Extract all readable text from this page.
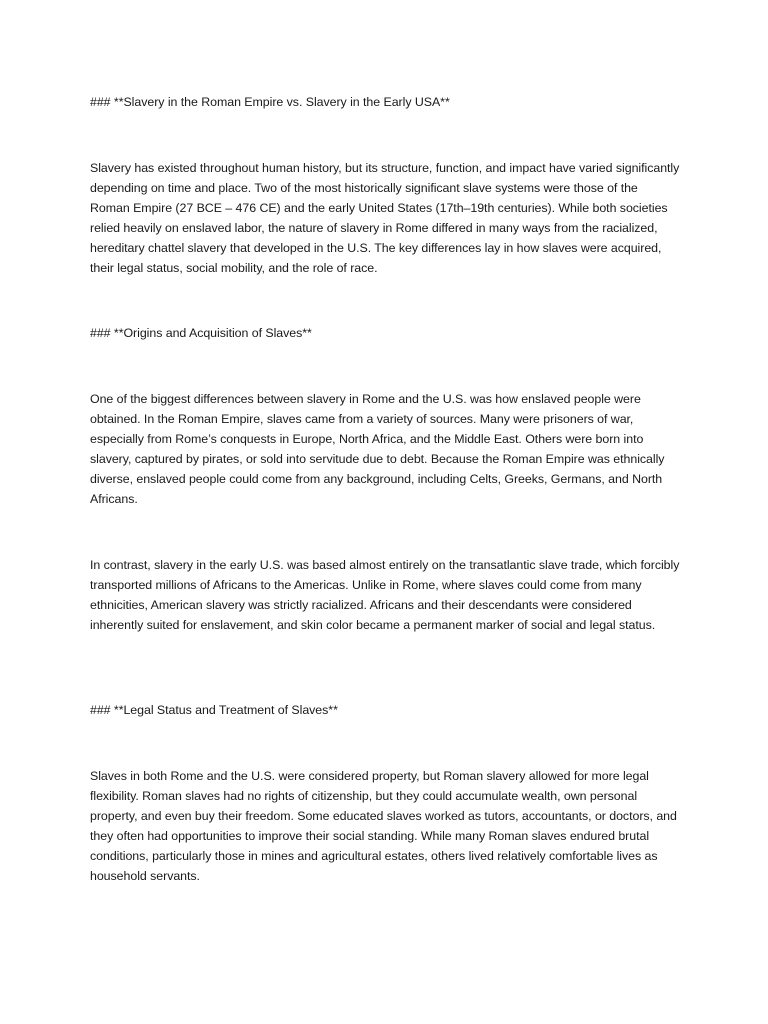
### **Slavery in the Roman Empire vs. Slavery in the Early USA**

Slavery has existed throughout human history, but its structure, function, and impact have varied significantly depending on time and place. Two of the most historically significant slave systems were those of the Roman Empire (27 BCE – 476 CE) and the early United States (17th–19th centuries). While both societies relied heavily on enslaved labor, the nature of slavery in Rome differed in many ways from the racialized, hereditary chattel slavery that developed in the U.S. The key differences lay in how slaves were acquired, their legal status, social mobility, and the role of race.

### **Origins and Acquisition of Slaves**

One of the biggest differences between slavery in Rome and the U.S. was how enslaved people were obtained. In the Roman Empire, slaves came from a variety of sources. Many were prisoners of war, especially from Rome’s conquests in Europe, North Africa, and the Middle East. Others were born into slavery, captured by pirates, or sold into servitude due to debt. Because the Roman Empire was ethnically diverse, enslaved people could come from any background, including Celts, Greeks, Germans, and North Africans.

In contrast, slavery in the early U.S. was based almost entirely on the transatlantic slave trade, which forcibly transported millions of Africans to the Americas. Unlike in Rome, where slaves could come from many ethnicities, American slavery was strictly racialized. Africans and their descendants were considered inherently suited for enslavement, and skin color became a permanent marker of social and legal status.

### **Legal Status and Treatment of Slaves**

Slaves in both Rome and the U.S. were considered property, but Roman slavery allowed for more legal flexibility. Roman slaves had no rights of citizenship, but they could accumulate wealth, own personal property, and even buy their freedom. Some educated slaves worked as tutors, accountants, or doctors, and they often had opportunities to improve their social standing. While many Roman slaves endured brutal conditions, particularly those in mines and agricultural estates, others lived relatively comfortable lives as household servants.
